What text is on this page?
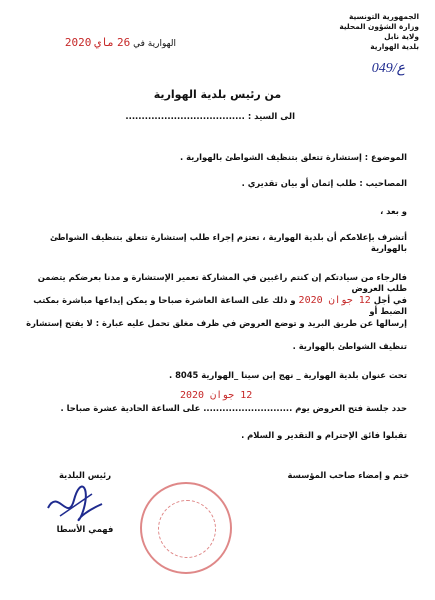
الجمهورية التونسية
وزارة الشؤون المحلية
ولاية نابل
بلدية الهوارية
ع/049
الهوارية في 26 ماي 2020
من رئيس بلدية الهوارية
الى السيد : .....................................
الموضوع : إستشارة تتعلق بتنظيف الشواطئ بالهوارية .
المصاحيب : طلب إثمان أو بيان تقديري .
و بعد ،
أتشرف بإعلامكم أن بلدية الهوارية ، تعتزم إجراء طلب إستشارة تتعلق بتنظيف الشواطئ بالهوارية
فالرجاء من سيادتكم إن كنتم راغبين في المشاركة تعمير الإستشارة و مدنا بعرضكم يتضمن طلب العروض
في أجل 12 جوان 2020 و ذلك على الساعة العاشرة صباحا و يمكن إيداعها مباشرة بمكتب الضبط أو
إرسالها عن طريق البريد و توضع العروض في ظرف مغلق تحمل عليه عبارة : لا يفتح إستشارة
تنظيف الشواطئ بالهوارية .
تحت عنوان بلدية الهوارية _ نهج إبن سينا _الهوارية 8045 .
12 جوان 2020
حدد جلسة فتح العروض يوم ............................ على الساعة الحادية عشرة صباحا .
تقبلوا فائق الإحترام و التقدير و السلام .
ختم و إمضاء صاحب المؤسسة
رئيس البلدية
فهمي الأسطا
